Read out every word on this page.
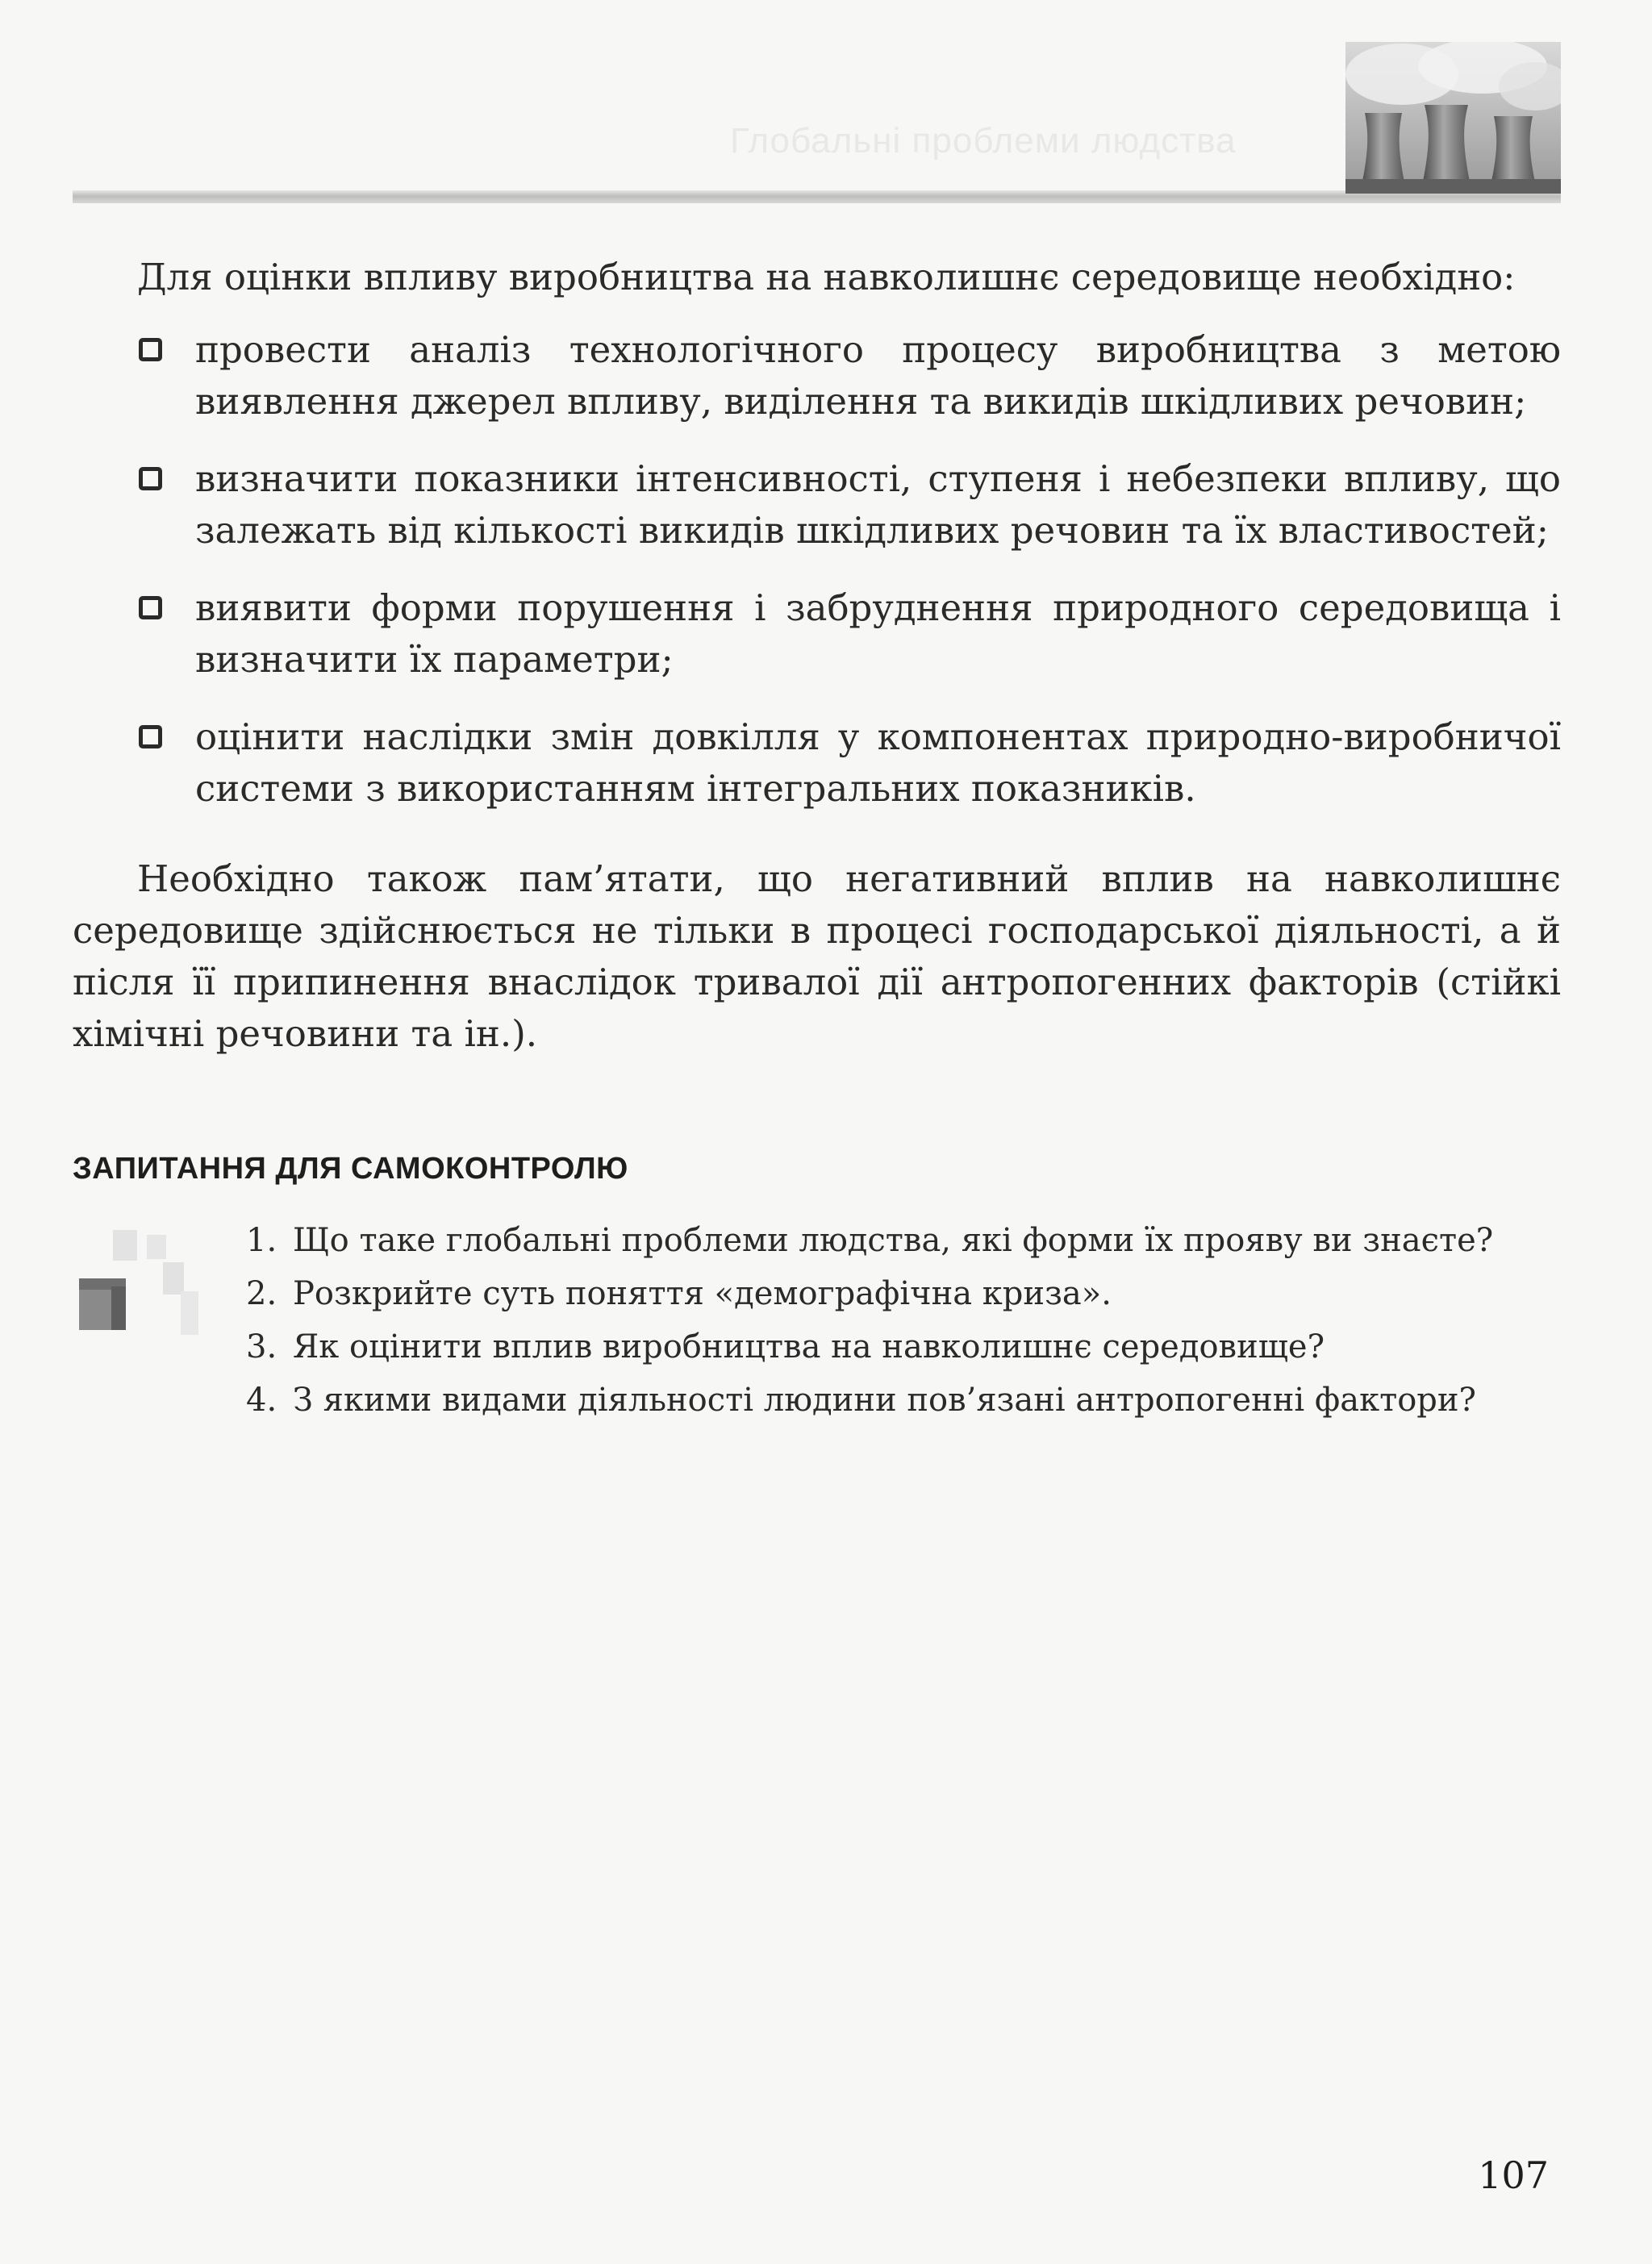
Глобальні проблеми людства

Для оцінки впливу виробництва на навколишнє середовище необхідно:

провести аналіз технологічного процесу виробництва з метою виявлення джерел впливу, виділення та викидів шкідливих речовин;
визначити показники інтенсивності, ступеня і небезпеки впливу, що залежать від кількості викидів шкідливих речовин та їх властивостей;
виявити форми порушення і забруднення природного середовища і визначити їх параметри;
оцінити наслідки змін довкілля у компонентах природно-виробничої системи з використанням інтегральних показників.

Необхідно також пам’ятати, що негативний вплив на навколишнє середовище здійснюється не тільки в процесі господарської діяльності, а й після її припинення внаслідок тривалої дії антропогенних факторів (стійкі хімічні речовини та ін.).

ЗАПИТАННЯ ДЛЯ САМОКОНТРОЛЮ
1. Що таке глобальні проблеми людства, які форми їх прояву ви знаєте?
2. Розкрийте суть поняття «демографічна криза».
3. Як оцінити вплив виробництва на навколишнє середовище?
4. З якими видами діяльності людини пов’язані антропогенні фактори?
107
